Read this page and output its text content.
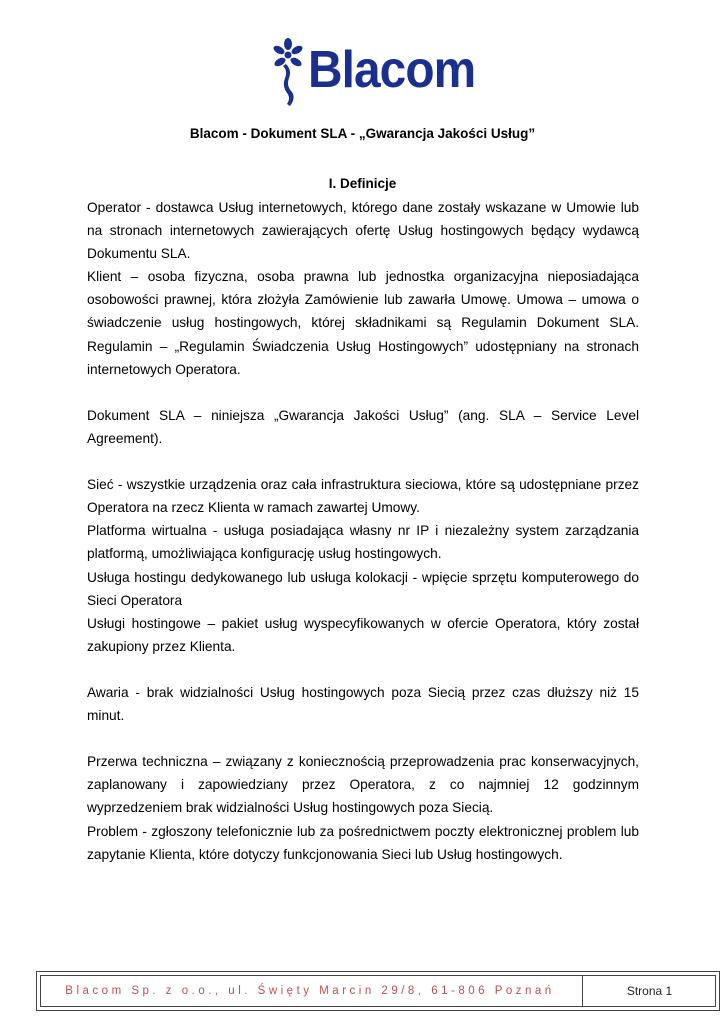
Blacom
Blacom - Dokument SLA - „Gwarancja Jakości Usług”
I. Definicje

Operator - dostawca Usług internetowych, którego dane zostały wskazane w Umowie lub na stronach internetowych zawierających ofertę Usług hostingowych będący wydawcą Dokumentu SLA.

Klient – osoba fizyczna, osoba prawna lub jednostka organizacyjna nieposiadająca osobowości prawnej, która złożyła Zamówienie lub zawarła Umowę. Umowa – umowa o świadczenie usług hostingowych, której składnikami są Regulamin Dokument SLA. Regulamin – „Regulamin Świadczenia Usług Hostingowych” udostępniany na stronach internetowych Operatora.

Dokument SLA – niniejsza „Gwarancja Jakości Usług” (ang. SLA – Service Level Agreement).

Sieć - wszystkie urządzenia oraz cała infrastruktura sieciowa, które są udostępniane przez Operatora na rzecz Klienta w ramach zawartej Umowy.

Platforma wirtualna - usługa posiadająca własny nr IP i niezależny system zarządzania platformą, umożliwiająca konfigurację usług hostingowych.

Usługa hostingu dedykowanego lub usługa kolokacji - wpięcie sprzętu komputerowego do Sieci Operatora

Usługi hostingowe – pakiet usług wyspecyfikowanych w ofercie Operatora, który został zakupiony przez Klienta.

Awaria - brak widzialności Usług hostingowych poza Siecią przez czas dłuższy niż 15 minut.

Przerwa techniczna – związany z koniecznością przeprowadzenia prac konserwacyjnych, zaplanowany i zapowiedziany przez Operatora, z co najmniej 12 godzinnym wyprzedzeniem brak widzialności Usług hostingowych poza Siecią.

Problem - zgłoszony telefonicznie lub za pośrednictwem poczty elektronicznej problem lub zapytanie Klienta, które dotyczy funkcjonowania Sieci lub Usług hostingowych.

Blacom Sp. z o.o., ul. Święty Marcin 29/8, 61-806 Poznań	Strona 1
